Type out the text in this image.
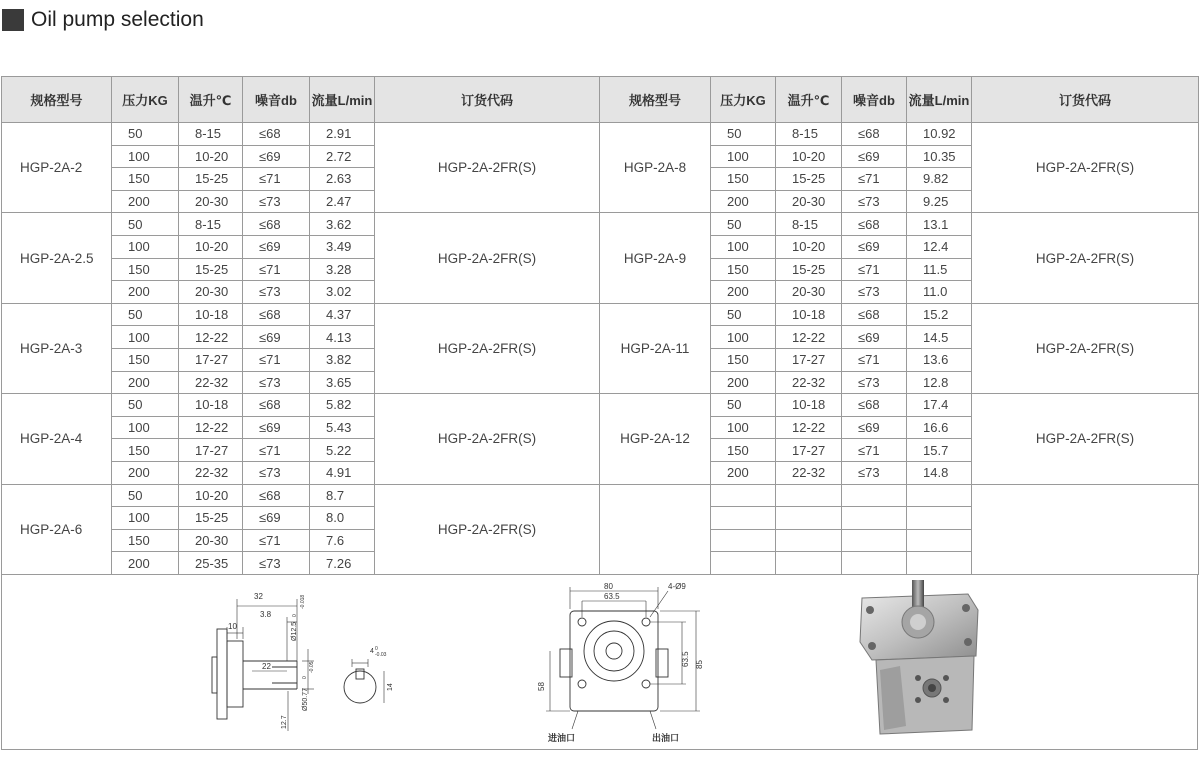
Oil pump selection
规格型号	压力KG	温升℃	噪音db	流量L/min	订货代码	规格型号	压力KG	温升℃	噪音db	流量L/min	订货代码
HGP-2A-2	50	8-15	≤68	2.91	HGP-2A-2FR(S)	HGP-2A-8	50	8-15	≤68	10.92	HGP-2A-2FR(S)
	100	10-20	≤69	2.72			100	10-20	≤69	10.35	
	150	15-25	≤71	2.63			150	15-25	≤71	9.82	
	200	20-30	≤73	2.47			200	20-30	≤73	9.25	
HGP-2A-2.5	50	8-15	≤68	3.62	HGP-2A-2FR(S)	HGP-2A-9	50	8-15	≤68	13.1	HGP-2A-2FR(S)
	100	10-20	≤69	3.49			100	10-20	≤69	12.4	
	150	15-25	≤71	3.28			150	15-25	≤71	11.5	
	200	20-30	≤73	3.02			200	20-30	≤73	11.0	
HGP-2A-3	50	10-18	≤68	4.37	HGP-2A-2FR(S)	HGP-2A-11	50	10-18	≤68	15.2	HGP-2A-2FR(S)
	100	12-22	≤69	4.13			100	12-22	≤69	14.5	
	150	17-27	≤71	3.82			150	17-27	≤71	13.6	
	200	22-32	≤73	3.65			200	22-32	≤73	12.8	
HGP-2A-4	50	10-18	≤68	5.82	HGP-2A-2FR(S)	HGP-2A-12	50	10-18	≤68	17.4	HGP-2A-2FR(S)
	100	12-22	≤69	5.43			100	12-22	≤69	16.6	
	150	17-27	≤71	5.22			150	17-27	≤71	15.7	
	200	22-32	≤73	4.91			200	22-32	≤73	14.8	
HGP-2A-6	50	10-20	≤68	8.7	HGP-2A-2FR(S)						
	100	15-25	≤69	8.0							
	150	20-30	≤71	7.6							
	200	25-35	≤73	7.26							
32
3.8
10
22
Ø12.5
0
-0.018
Ø50.77
0
-0.05
12.7
4 0
-0.03
14
80
63.5
4-Ø9
63.5 85
58
进油口	出油口
